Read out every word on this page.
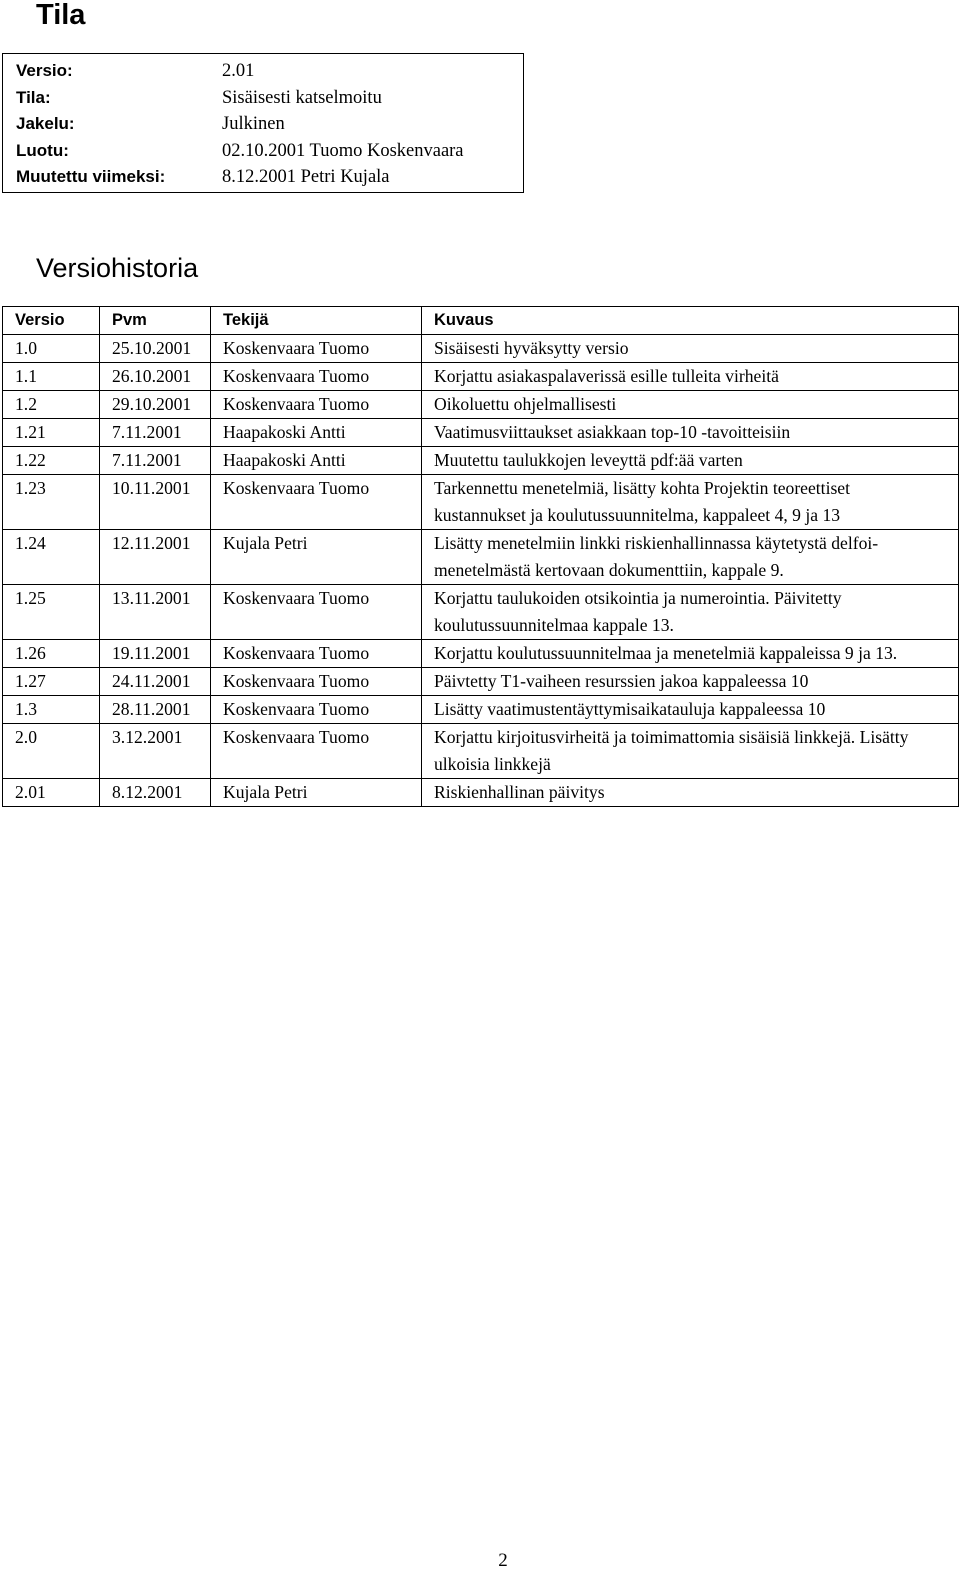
Tila
Versio:	2.01
Tila:	Sisäisesti katselmoitu
Jakelu:	Julkinen
Luotu:	02.10.2001 Tuomo Koskenvaara
Muutettu viimeksi:	8.12.2001 Petri Kujala
Versiohistoria
Versio	Pvm	Tekijä	Kuvaus
1.0	25.10.2001	Koskenvaara Tuomo	Sisäisesti hyväksytty versio
1.1	26.10.2001	Koskenvaara Tuomo	Korjattu asiakaspalaverissä esille tulleita virheitä
1.2	29.10.2001	Koskenvaara Tuomo	Oikoluettu ohjelmallisesti
1.21	7.11.2001	Haapakoski Antti	Vaatimusviittaukset asiakkaan top-10 -tavoitteisiin
1.22	7.11.2001	Haapakoski Antti	Muutettu taulukkojen leveyttä pdf:ää varten
1.23	10.11.2001	Koskenvaara Tuomo	Tarkennettu menetelmiä, lisätty kohta Projektin teoreettiset kustannukset ja koulutussuunnitelma, kappaleet 4, 9 ja 13
1.24	12.11.2001	Kujala Petri	Lisätty menetelmiin linkki riskienhallinnassa käytetystä delfoi-menetelmästä kertovaan dokumenttiin, kappale 9.
1.25	13.11.2001	Koskenvaara Tuomo	Korjattu taulukoiden otsikointia ja numerointia. Päivitetty koulutussuunnitelmaa kappale 13.
1.26	19.11.2001	Koskenvaara Tuomo	Korjattu koulutussuunnitelmaa ja menetelmiä kappaleissa 9 ja 13.
1.27	24.11.2001	Koskenvaara Tuomo	Päivtetty T1-vaiheen resurssien jakoa kappaleessa 10
1.3	28.11.2001	Koskenvaara Tuomo	Lisätty vaatimustentäyttymisaikatauluja kappaleessa 10
2.0	3.12.2001	Koskenvaara Tuomo	Korjattu kirjoitusvirheitä ja toimimattomia sisäisiä linkkejä. Lisätty ulkoisia linkkejä
2.01	8.12.2001	Kujala Petri	Riskienhallinan päivitys
2
